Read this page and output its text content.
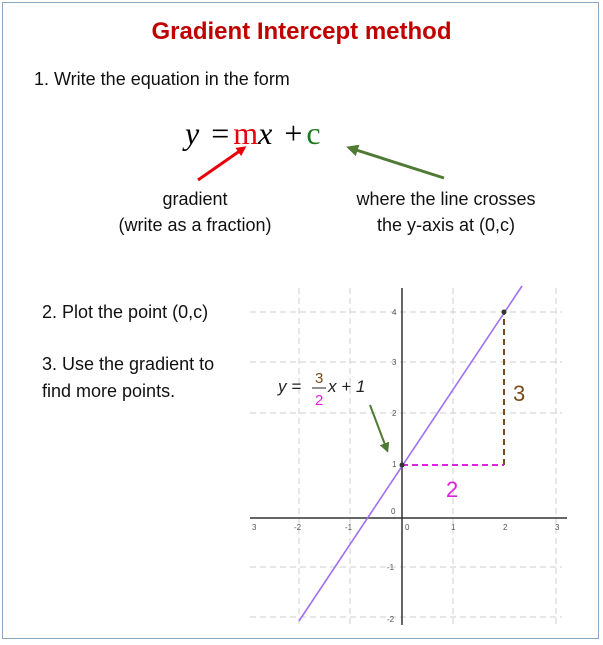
Gradient Intercept method
1. Write the equation in the form
y = mx + c
gradient
(write as a fraction)
where the line crosses
the y-axis at (0,c)
2. Plot the point (0,c)
3. Use the gradient to
find more points.
3	-2	-1	0	1	2	3
4
3
2
1
0
-1
-2
2
3
y = 3
2
x + 1
